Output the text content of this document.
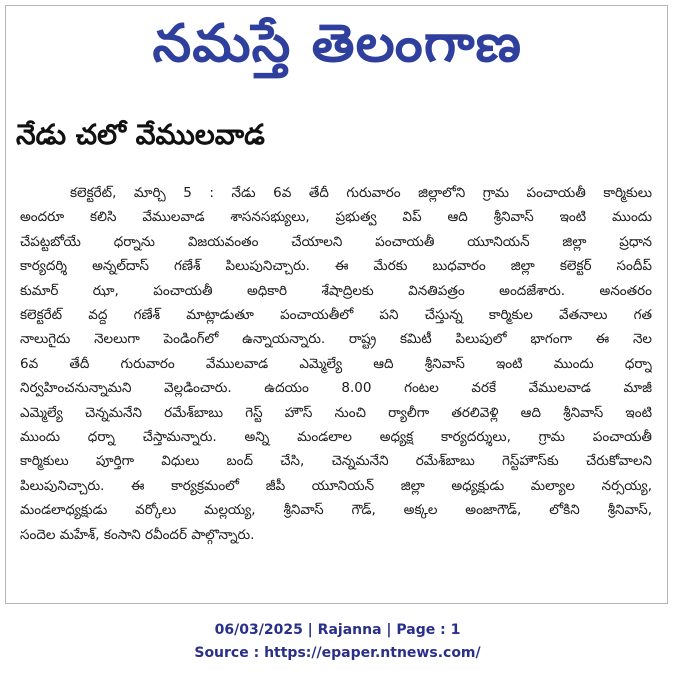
నమస్తే తెలంగాణ
నేడు చలో వేములవాడ
కలెక్టరేట్, మార్చి 5 : నేడు 6వ తేదీ గురువారం జిల్లాలోని గ్రామ పంచాయతీ కార్మికులు
అందరూ కలిసి వేములవాడ శాసనసభ్యులు, ప్రభుత్వ విప్ ఆది శ్రీనివాస్ ఇంటి ముందు
చేపట్టబోయే ధర్నాను విజయవంతం చేయాలని పంచాయతీ యూనియన్ జిల్లా ప్రధాన
కార్యదర్శి అన్నల్‌దాస్ గణేశ్ పిలుపునిచ్చారు. ఈ మేరకు బుధవారం జిల్లా కలెక్టర్ సందీప్
కుమార్ ఝా, పంచాయతీ అధికారి శేషాద్రిలకు వినతిపత్రం అందజేశారు. అనంతరం
కలెక్టరేట్ వద్ద గణేశ్ మాట్లాడుతూ పంచాయతీలో పని చేస్తున్న కార్మికుల వేతనాలు గత
నాలుగైదు నెలలుగా పెండింగ్‌లో ఉన్నాయన్నారు. రాష్ట్ర కమిటీ పిలుపులో భాగంగా ఈ నెల
6వ తేదీ గురువారం వేములవాడ ఎమ్మెల్యే ఆది శ్రీనివాస్ ఇంటి ముందు ధర్నా
నిర్వహించనున్నామని వెల్లడించారు. ఉదయం 8.00 గంటల వరకే వేములవాడ మాజీ
ఎమ్మెల్యే చెన్నమనేని రమేశ్‌బాబు గెస్ట్ హౌస్ నుంచి ర్యాలీగా తరలివెళ్లి ఆది శ్రీనివాస్ ఇంటి
ముందు ధర్నా చేస్తామన్నారు. అన్ని మండలాల అధ్యక్ష కార్యదర్శులు, గ్రామ పంచాయతీ
కార్మికులు పూర్తిగా విధులు బంద్ చేసి, చెన్నమనేని రమేశ్‌బాబు గెస్ట్‌హౌస్‌కు చేరుకోవాలని
పిలుపునిచ్చారు. ఈ కార్యక్రమంలో జీపీ యూనియన్ జిల్లా అధ్యక్షుడు మల్యాల నర్సయ్య,
మండలాధ్యక్షుడు వర్కోలు మల్లయ్య, శ్రీనివాస్ గౌడ్, అక్కల అంజాగౌడ్, లోకిని శ్రీనివాస్,
సందెల మహేశ్, కంసాని రవీందర్ పాల్గొన్నారు.
06/03/2025 | Rajanna | Page : 1
Source : https://epaper.ntnews.com/
